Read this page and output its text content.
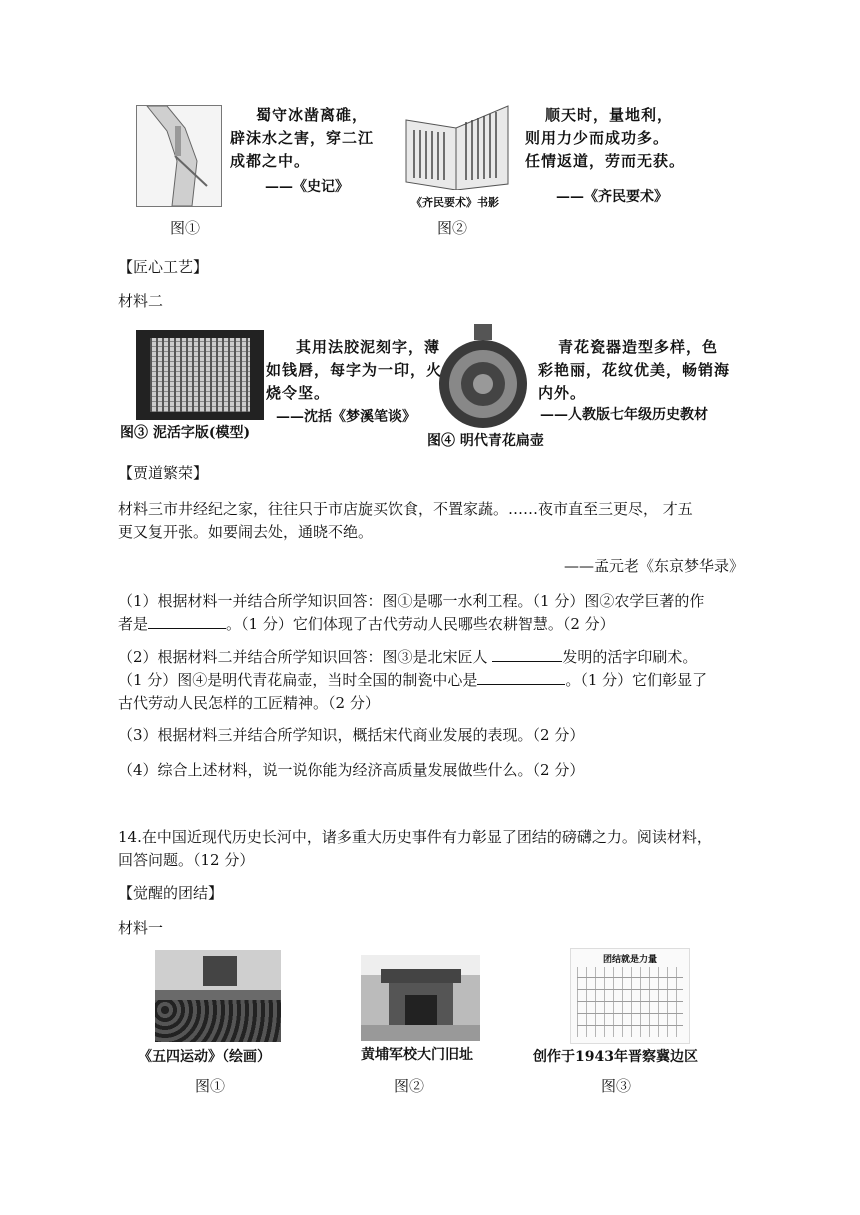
蜀守冰凿离碓，
辟沫水之害，穿二江
成都之中。
——《史记》
图①
《齐民要术》书影
顺天时，量地利，
则用力少而成功多。
任情返道，劳而无获。
——《齐民要术》
图②
【匠心工艺】
材料二
其用法胶泥刻字，薄
如钱唇，每字为一印，火
烧令坚。
——沈括《梦溪笔谈》
图③ 泥活字版(模型)
青花瓷器造型多样，色
彩艳丽，花纹优美，畅销海
内外。
——人教版七年级历史教材
图④ 明代青花扁壶
【贾道繁荣】
材料三市井经纪之家，往往只于市店旋买饮食，不置家蔬。……夜市直至三更尽， 才五
更又复开张。如要闹去处，通晓不绝。
——孟元老《东京梦华录》
（1）根据材料一并结合所学知识回答：图①是哪一水利工程。（1 分）图②农学巨著的作
者是	。（1 分）它们体现了古代劳动人民哪些农耕智慧。（2 分）
（2）根据材料二并结合所学知识回答：图③是北宋匠人	发明的活字印刷术。
（1 分）图④是明代青花扁壶，当时全国的制瓷中心是	。（1 分）它们彰显了
古代劳动人民怎样的工匠精神。（2 分）
（3）根据材料三并结合所学知识，概括宋代商业发展的表现。（2 分）
（4）综合上述材料，说一说你能为经济高质量发展做些什么。（2 分）
14.在中国近现代历史长河中，诸多重大历史事件有力彰显了团结的磅礴之力。阅读材料，
回答问题。（12 分）
【觉醒的团结】
材料一
《五四运动》（绘画）
图①
黄埔军校大门旧址
图②
团结就是力量
创作于1943年晋察冀边区
图③
